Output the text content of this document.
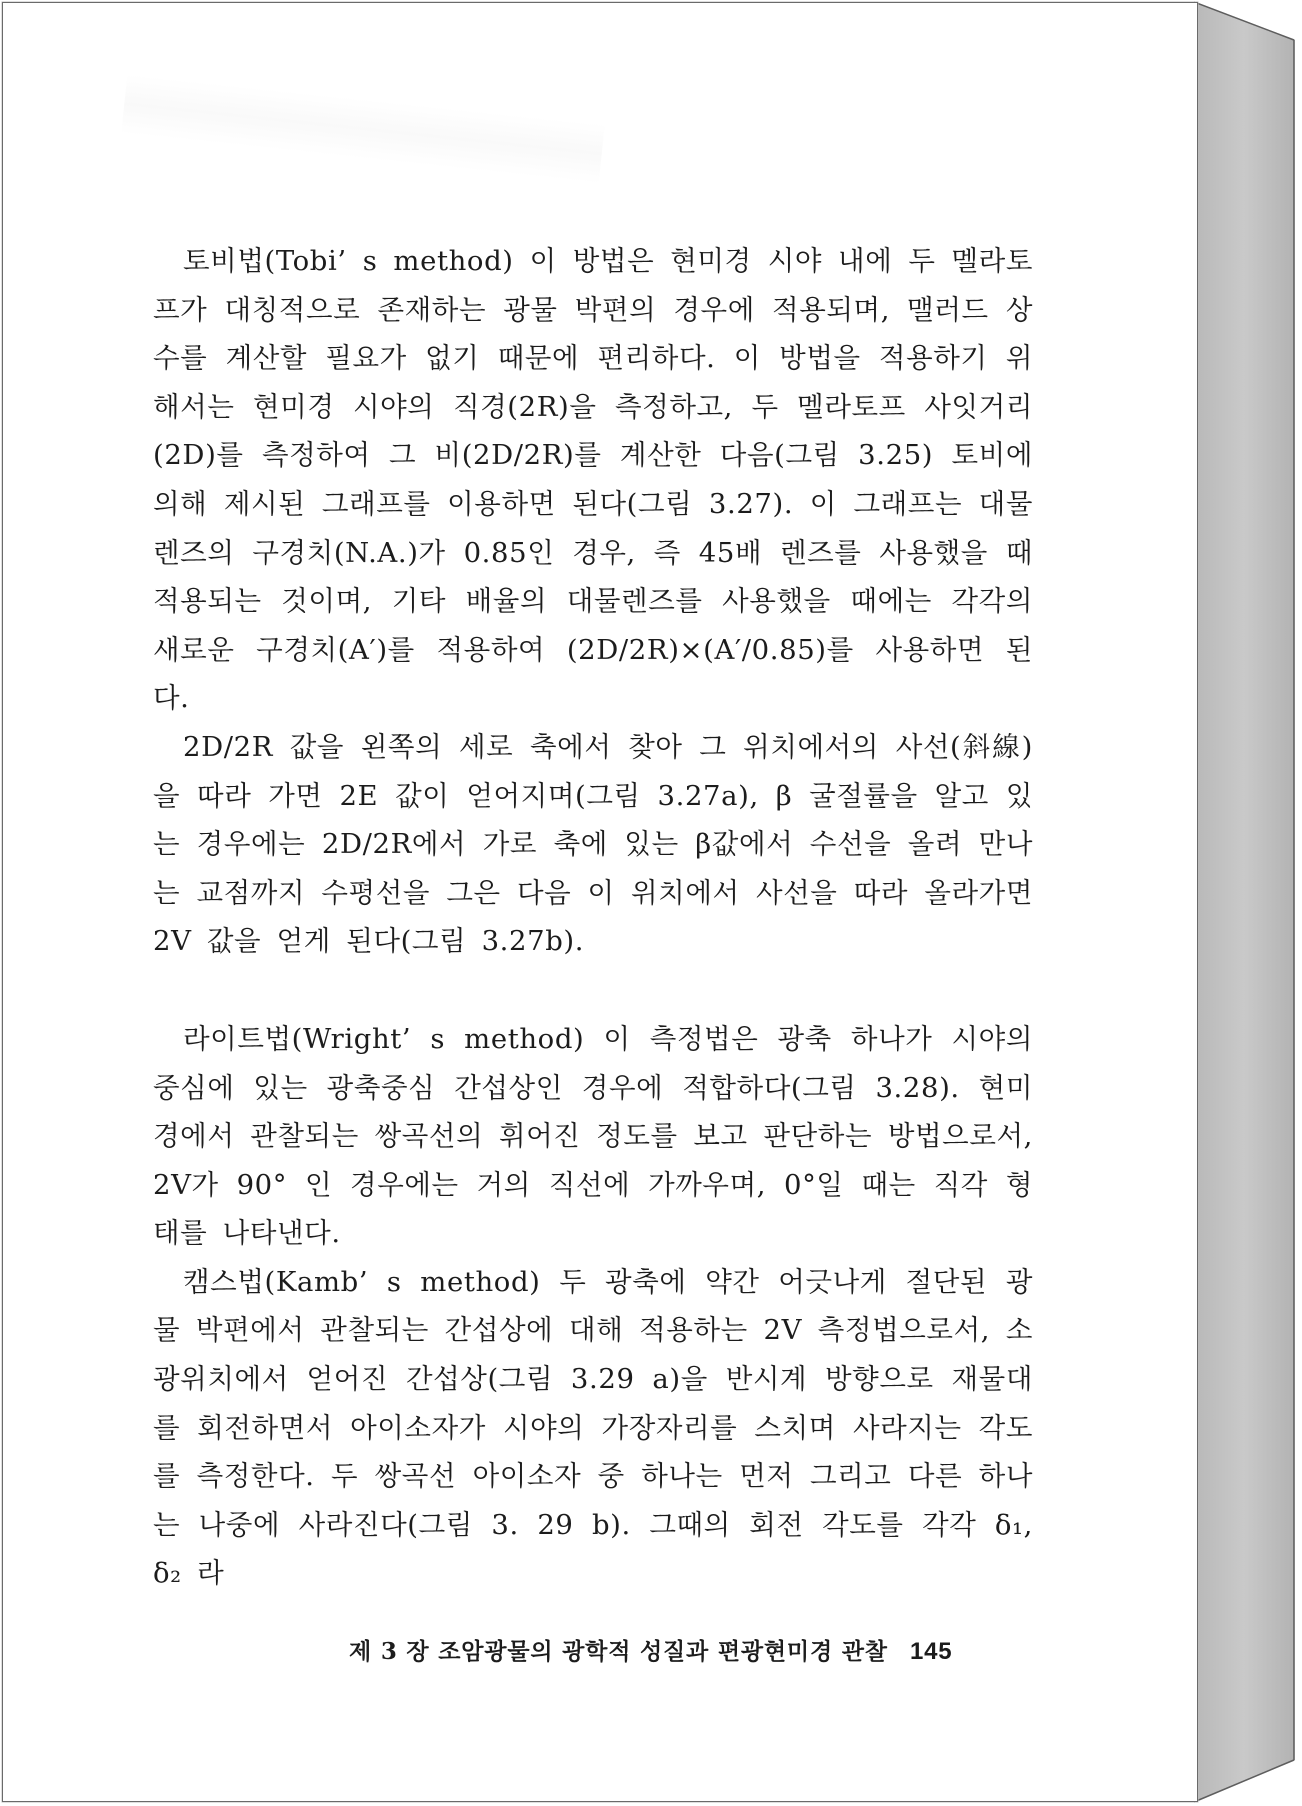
토비법(Tobi’ s method) 이 방법은 현미경 시야 내에 두 멜라토프가 대칭적으로 존재하는 광물 박편의 경우에 적용되며, 맬러드 상수를 계산할 필요가 없기 때문에 편리하다. 이 방법을 적용하기 위해서는 현미경 시야의 직경(2R)을 측정하고, 두 멜라토프 사잇거리(2D)를 측정하여 그 비(2D/2R)를 계산한 다음(그림 3.25) 토비에 의해 제시된 그래프를 이용하면 된다(그림 3.27). 이 그래프는 대물렌즈의 구경치(N.A.)가 0.85인 경우, 즉 45배 렌즈를 사용했을 때 적용되는 것이며, 기타 배율의 대물렌즈를 사용했을 때에는 각각의 새로운 구경치(A′)를 적용하여 (2D/2R)×(A′/0.85)를 사용하면 된다.

2D/2R 값을 왼쪽의 세로 축에서 찾아 그 위치에서의 사선(斜線)을 따라 가면 2E 값이 얻어지며(그림 3.27a), β 굴절률을 알고 있는 경우에는 2D/2R에서 가로 축에 있는 β값에서 수선을 올려 만나는 교점까지 수평선을 그은 다음 이 위치에서 사선을 따라 올라가면 2V 값을 얻게 된다(그림 3.27b).

라이트법(Wright’ s method) 이 측정법은 광축 하나가 시야의 중심에 있는 광축중심 간섭상인 경우에 적합하다(그림 3.28). 현미경에서 관찰되는 쌍곡선의 휘어진 정도를 보고 판단하는 방법으로서, 2V가 90° 인 경우에는 거의 직선에 가까우며, 0°일 때는 직각 형태를 나타낸다.

캠스법(Kamb’ s method) 두 광축에 약간 어긋나게 절단된 광물 박편에서 관찰되는 간섭상에 대해 적용하는 2V 측정법으로서, 소광위치에서 얻어진 간섭상(그림 3.29 a)을 반시계 방향으로 재물대를 회전하면서 아이소자가 시야의 가장자리를 스치며 사라지는 각도를 측정한다. 두 쌍곡선 아이소자 중 하나는 먼저 그리고 다른 하나는 나중에 사라진다(그림 3. 29 b). 그때의 회전 각도를 각각 δ₁, δ₂ 라

제 3 장 조암광물의 광학적 성질과 편광현미경 관찰 145
